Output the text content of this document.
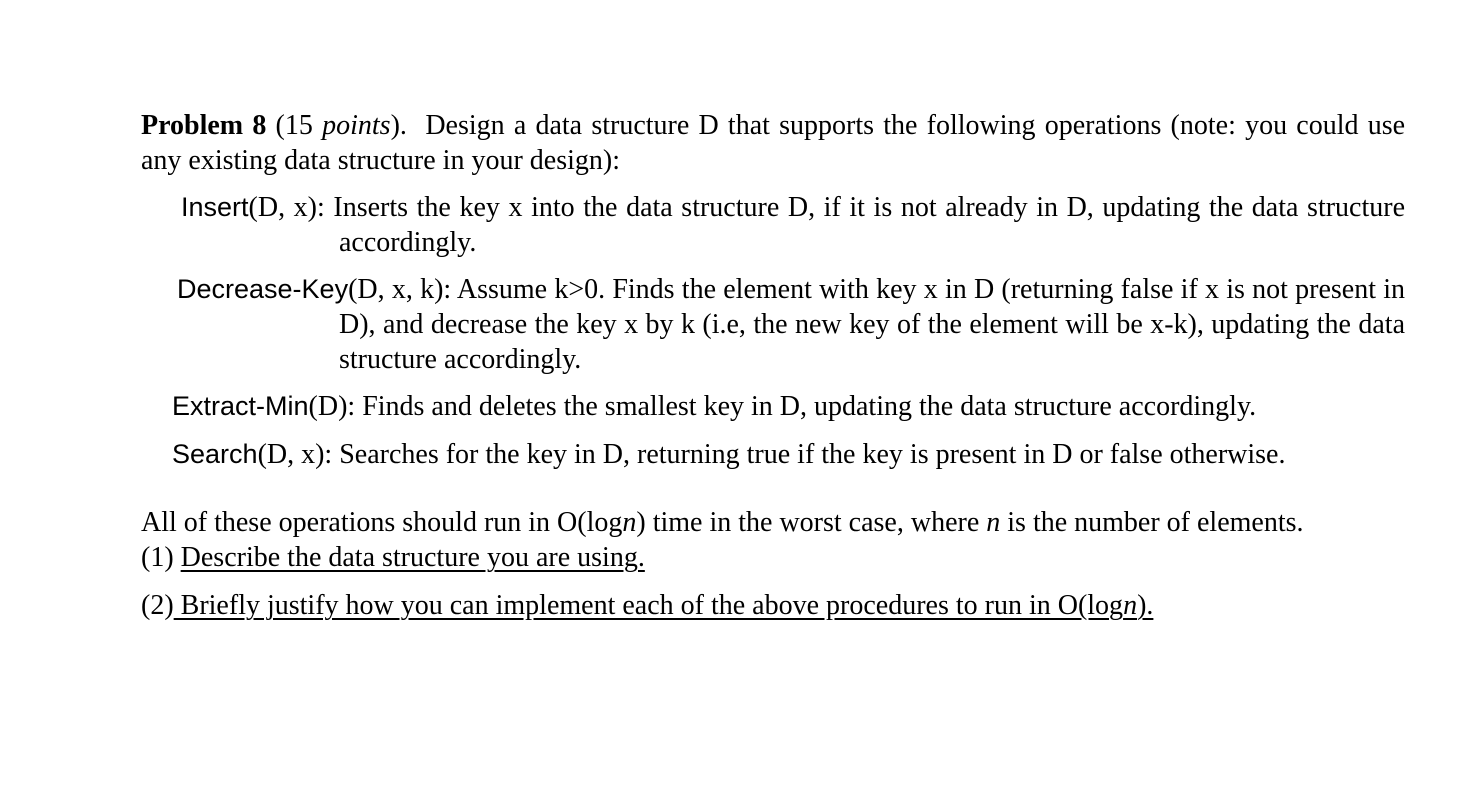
Problem 8 (15 points). Design a data structure D that supports the following operations (note: you could use any existing data structure in your design):

Insert(D, x): Inserts the key x into the data structure D, if it is not already in D, updating the data structure accordingly.
Decrease-Key(D, x, k): Assume k>0. Finds the element with key x in D (returning false if x is not present in D), and decrease the key x by k (i.e, the new key of the element will be x-k), updating the data structure accordingly.
Extract-Min(D): Finds and deletes the smallest key in D, updating the data structure accordingly.
Search(D, x): Searches for the key in D, returning true if the key is present in D or false otherwise.
All of these operations should run in O(logn) time in the worst case, where n is the number of elements.
(1) Describe the data structure you are using.
(2) Briefly justify how you can implement each of the above procedures to run in O(logn).
